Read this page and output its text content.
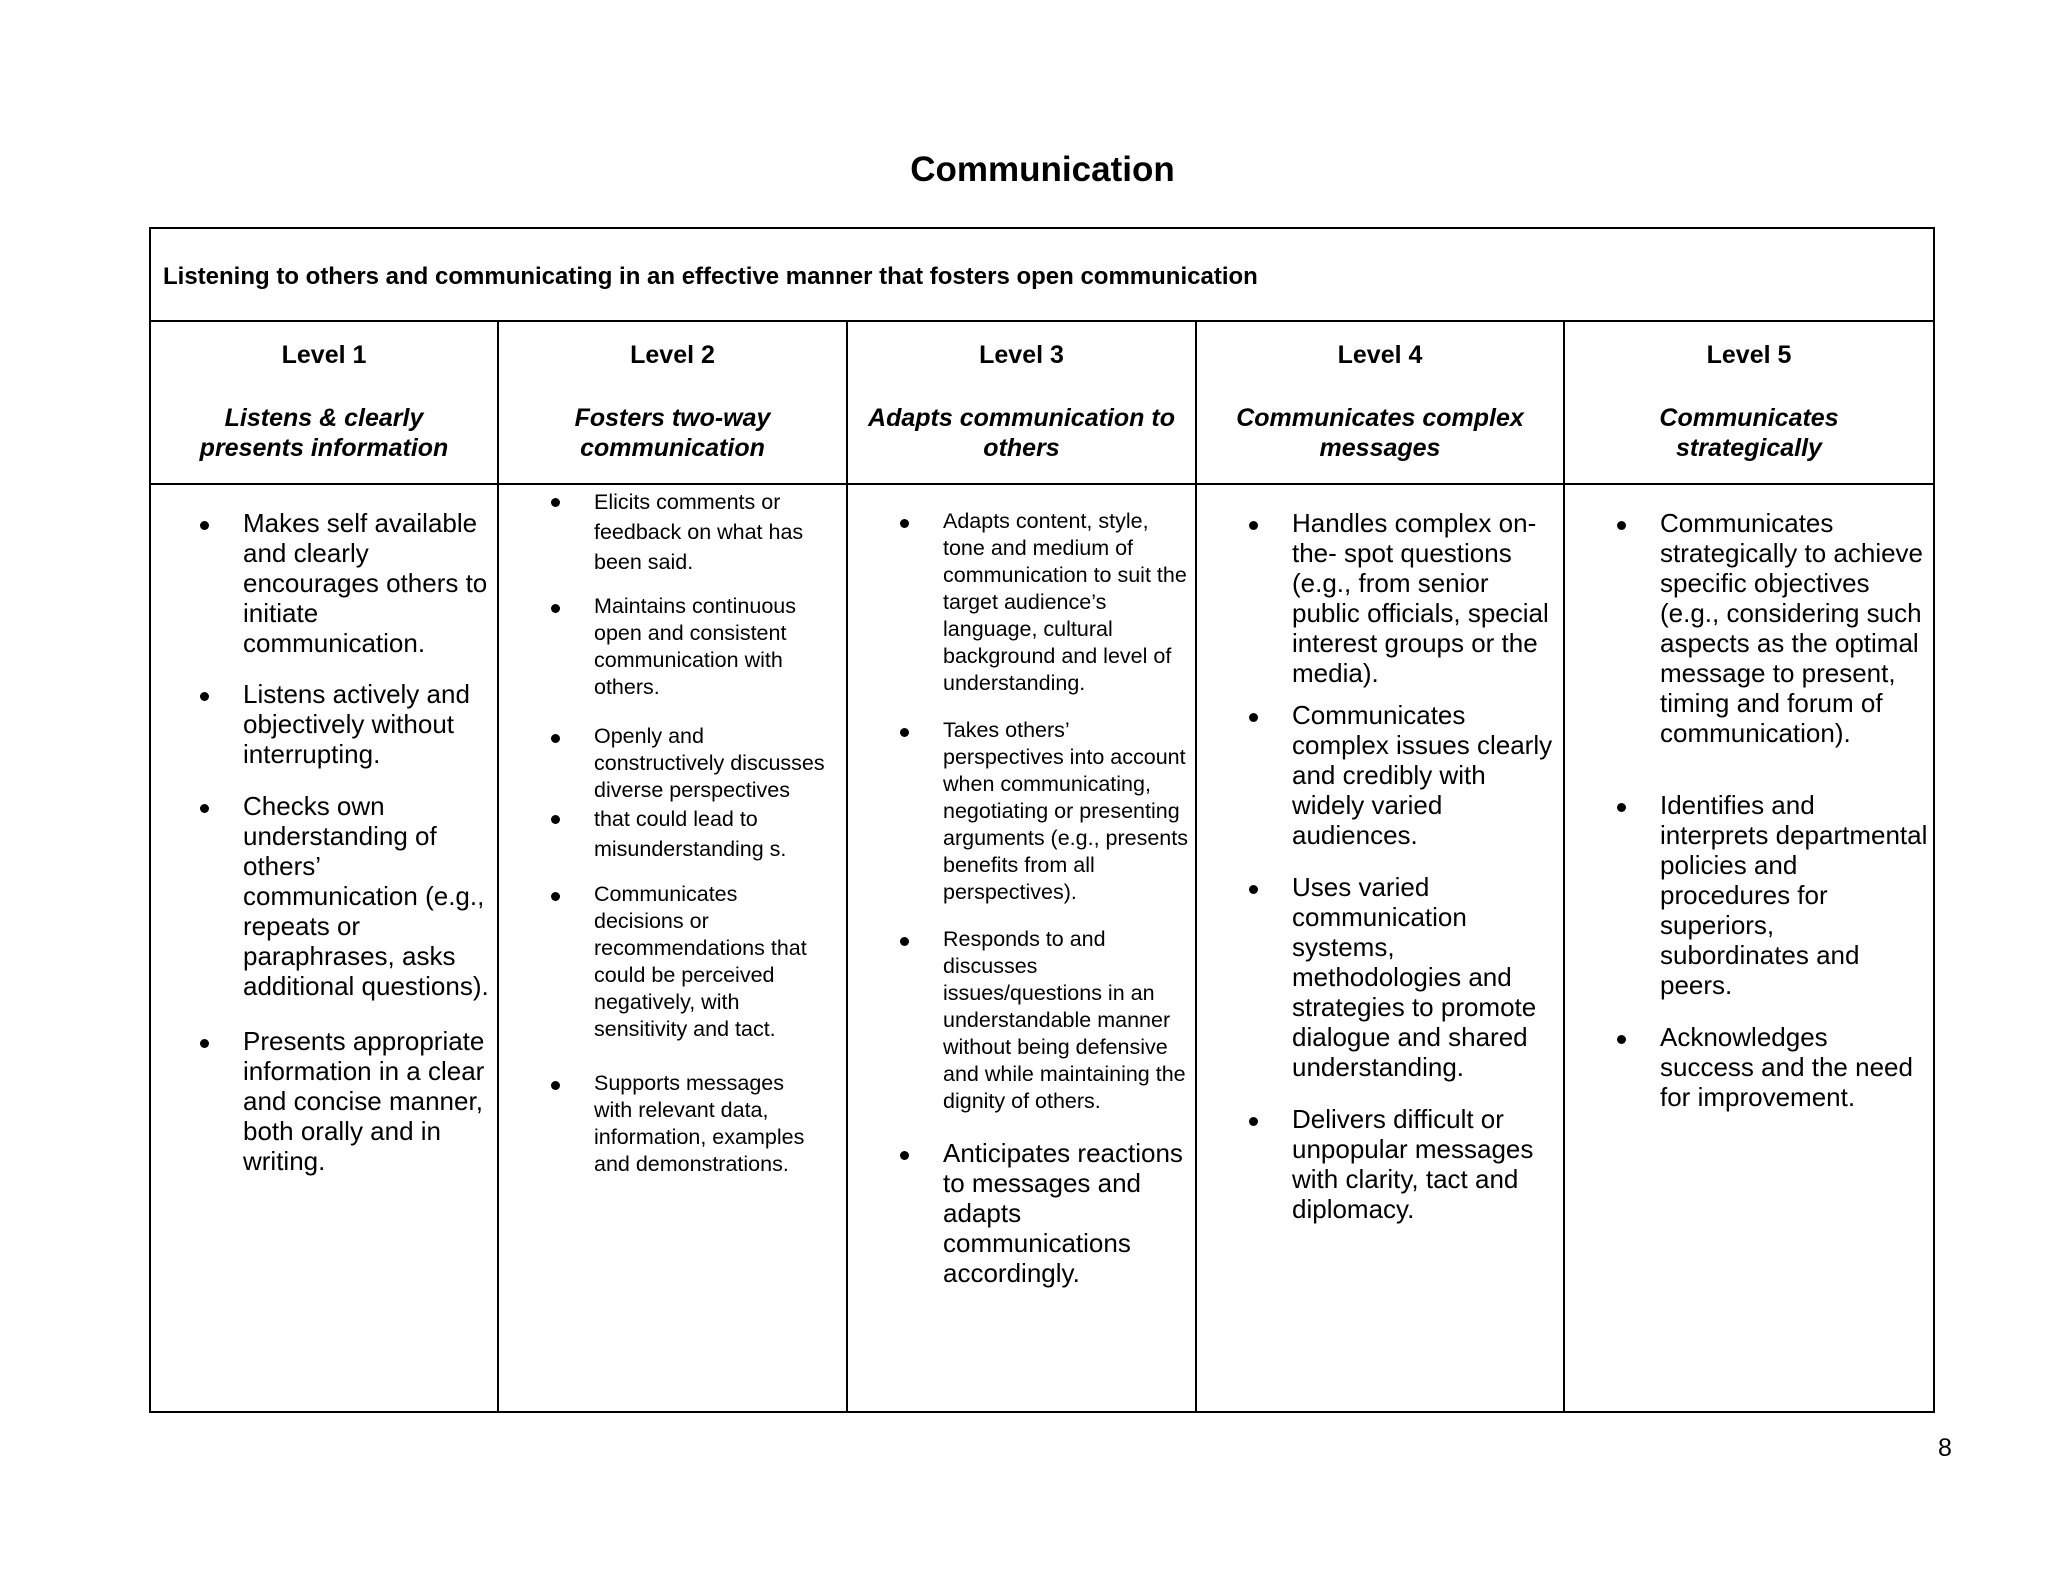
Communication
Listening to others and communicating in an effective manner that fosters open communication
Level 1
Listens & clearly
presents information
Level 2
Fosters two-way
communication
Level 3
Adapts communication to
others
Level 4
Communicates complex
messages
Level 5
Communicates
strategically
Makes self available and clearly encourages others to initiate communication.
Listens actively and objectively without interrupting.
Checks own understanding of others’ communication (e.g., repeats or paraphrases, asks additional questions).
Presents appropriate information in a clear and concise manner, both orally and in writing.
Elicits comments or feedback on what has been said.
Maintains continuous open and consistent communication with others.
Openly and constructively discusses diverse perspectives
that could lead to misunderstanding s.
Communicates decisions or recommendations that could be perceived negatively, with sensitivity and tact.
Supports messages with relevant data, information, examples and demonstrations.
Adapts content, style, tone and medium of communication to suit the target audience’s language, cultural background and level of understanding.
Takes others’ perspectives into account when communicating, negotiating or presenting arguments (e.g., presents benefits from all perspectives).
Responds to and discusses issues/questions in an understandable manner without being defensive and while maintaining the dignity of others.
Anticipates reactions to messages and adapts communications accordingly.
Handles complex on-the- spot questions (e.g., from senior public officials, special interest groups or the media).
Communicates complex issues clearly and credibly with widely varied audiences.
Uses varied communication systems, methodologies and strategies to promote dialogue and shared understanding.
Delivers difficult or unpopular messages with clarity, tact and diplomacy.
Communicates strategically to achieve specific objectives (e.g., considering such aspects as the optimal message to present, timing and forum of communication).
Identifies and interprets departmental policies and procedures for superiors, subordinates and peers.
Acknowledges success and the need for improvement.
8
